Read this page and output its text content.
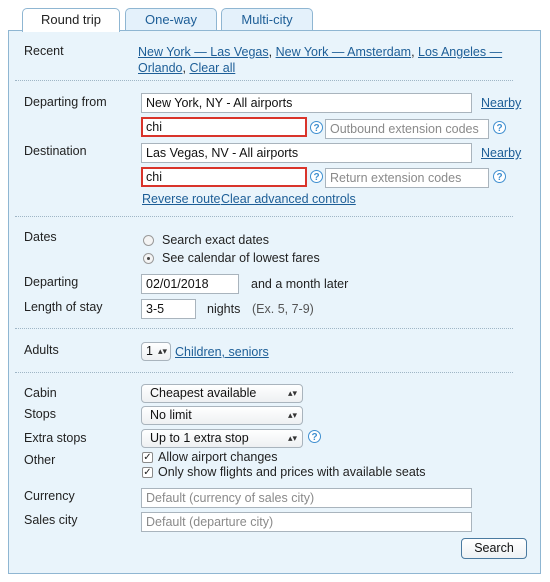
Round trip	One-way	Multi-city
Recent	New York — Las Vegas, New York — Amsterdam, Los Angeles — Orlando, Clear all
Departing from	New York, NY - All airports	Nearby
chi	? Outbound extension codes	?
Destination	Las Vegas, NV - All airports	Nearby
chi	? Return extension codes	?
Reverse route Clear advanced controls
Dates	Search exact dates
See calendar of lowest fares
Departing	02/01/2018	and a month later
Length of stay	3-5	nights (Ex. 5, 7-9)
Adults	1 ▴▾ Children, seniors
Cabin	Cheapest available	▴▾
Stops	No limit	▴▾
Extra stops	Up to 1 extra stop	▴▾	?
Other	✓ Allow airport changes
✓ Only show flights and prices with available seats
Currency	Default (currency of sales city)
Sales city	Default (departure city)
Search
